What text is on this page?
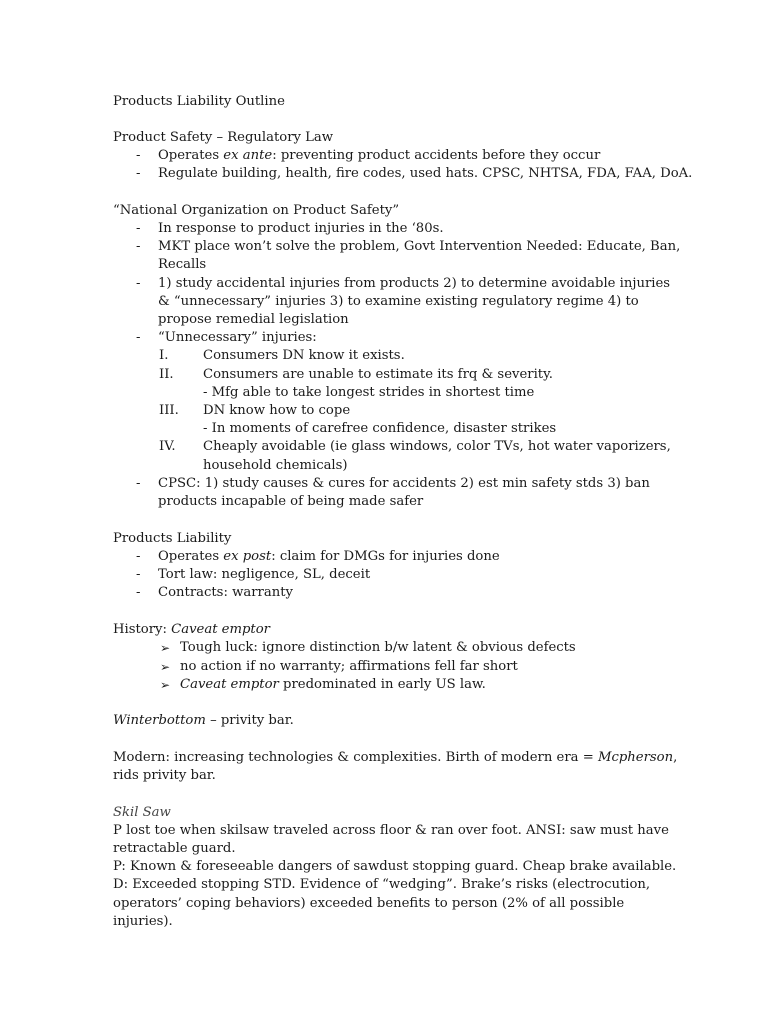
Products Liability Outline
Product Safety – Regulatory Law
- Operates ex ante: preventing product accidents before they occur
- Regulate building, health, fire codes, used hats. CPSC, NHTSA, FDA, FAA, DoA.
“National Organization on Product Safety”
- In response to product injuries in the ‘80s.
- MKT place won’t solve the problem, Govt Intervention Needed: Educate, Ban,
Recalls
- 1) study accidental injuries from products 2) to determine avoidable injuries
& “unnecessary” injuries 3) to examine existing regulatory regime 4) to
propose remedial legislation
- “Unnecessary” injuries:
I.	Consumers DN know it exists.
II. Consumers are unable to estimate its frq & severity.
- Mfg able to take longest strides in shortest time
III. DN know how to cope
- In moments of carefree confidence, disaster strikes
IV. Cheaply avoidable (ie glass windows, color TVs, hot water vaporizers,
household chemicals)
- CPSC: 1) study causes & cures for accidents 2) est min safety stds 3) ban
products incapable of being made safer
Products Liability
- Operates ex post: claim for DMGs for injuries done
- Tort law: negligence, SL, deceit
- Contracts: warranty
History: Caveat emptor
➢ Tough luck: ignore distinction b/w latent & obvious defects
➢ no action if no warranty; affirmations fell far short
➢ Caveat emptor predominated in early US law.
Winterbottom – privity bar.
Modern: increasing technologies & complexities. Birth of modern era = Mcpherson,
rids privity bar.
Skil Saw
P lost toe when skilsaw traveled across floor & ran over foot. ANSI: saw must have
retractable guard.
P: Known & foreseeable dangers of sawdust stopping guard. Cheap brake available.
D: Exceeded stopping STD. Evidence of “wedging”. Brake’s risks (electrocution,
operators’ coping behaviors) exceeded benefits to person (2% of all possible
injuries).
